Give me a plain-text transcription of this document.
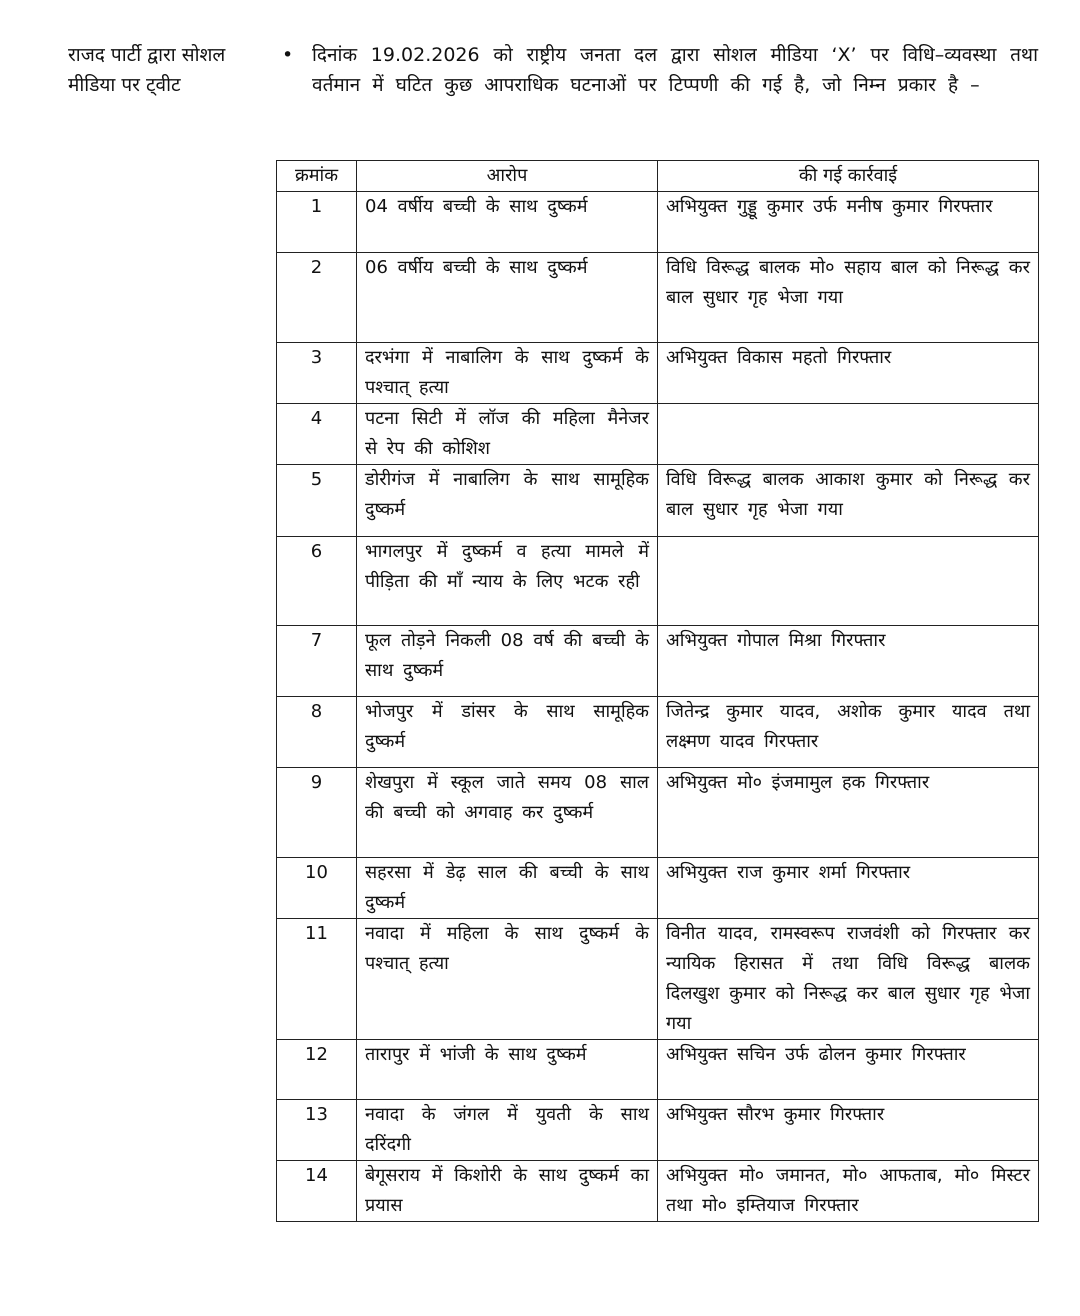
राजद पार्टी द्वारा सोशल मीडिया पर ट्वीट
• दिनांक 19.02.2026 को राष्ट्रीय जनता दल द्वारा सोशल मीडिया ‘X’ पर विधि–व्यवस्था तथा वर्तमान में घटित कुछ आपराधिक घटनाओं पर टिप्पणी की गई है, जो निम्न प्रकार है –
क्रमांक	आरोप	की गई कार्रवाई
1	04 वर्षीय बच्ची के साथ दुष्कर्म	अभियुक्त गुड्डू कुमार उर्फ मनीष कुमार गिरफ्तार
2	06 वर्षीय बच्ची के साथ दुष्कर्म	विधि विरूद्ध बालक मो० सहाय बाल को निरूद्ध कर बाल सुधार गृह भेजा गया
3	दरभंगा में नाबालिग के साथ दुष्कर्म के पश्चात् हत्या	अभियुक्त विकास महतो गिरफ्तार
4	पटना सिटी में लॉज की महिला मैनेजर से रेप की कोशिश	
5	डोरीगंज में नाबालिग के साथ सामूहिक दुष्कर्म	विधि विरूद्ध बालक आकाश कुमार को निरूद्ध कर बाल सुधार गृह भेजा गया
6	भागलपुर में दुष्कर्म व हत्या मामले में पीड़िता की माँ न्याय के लिए भटक रही	
7	फूल तोड़ने निकली 08 वर्ष की बच्ची के साथ दुष्कर्म	अभियुक्त गोपाल मिश्रा गिरफ्तार
8	भोजपुर में डांसर के साथ सामूहिक दुष्कर्म	जितेन्द्र कुमार यादव, अशोक कुमार यादव तथा लक्ष्मण यादव गिरफ्तार
9	शेखपुरा में स्कूल जाते समय 08 साल की बच्ची को अगवाह कर दुष्कर्म	अभियुक्त मो० इंजमामुल हक गिरफ्तार
10	सहरसा में डेढ़ साल की बच्ची के साथ दुष्कर्म	अभियुक्त राज कुमार शर्मा गिरफ्तार
11	नवादा में महिला के साथ दुष्कर्म के पश्चात् हत्या	विनीत यादव, रामस्वरूप राजवंशी को गिरफ्तार कर न्यायिक हिरासत में तथा विधि विरूद्ध बालक दिलखुश कुमार को निरूद्ध कर बाल सुधार गृह भेजा गया
12	तारापुर में भांजी के साथ दुष्कर्म	अभियुक्त सचिन उर्फ ढोलन कुमार गिरफ्तार
13	नवादा के जंगल में युवती के साथ दरिंदगी	अभियुक्त सौरभ कुमार गिरफ्तार
14	बेगूसराय में किशोरी के साथ दुष्कर्म का प्रयास	अभियुक्त मो० जमानत, मो० आफताब, मो० मिस्टर तथा मो० इम्तियाज गिरफ्तार
